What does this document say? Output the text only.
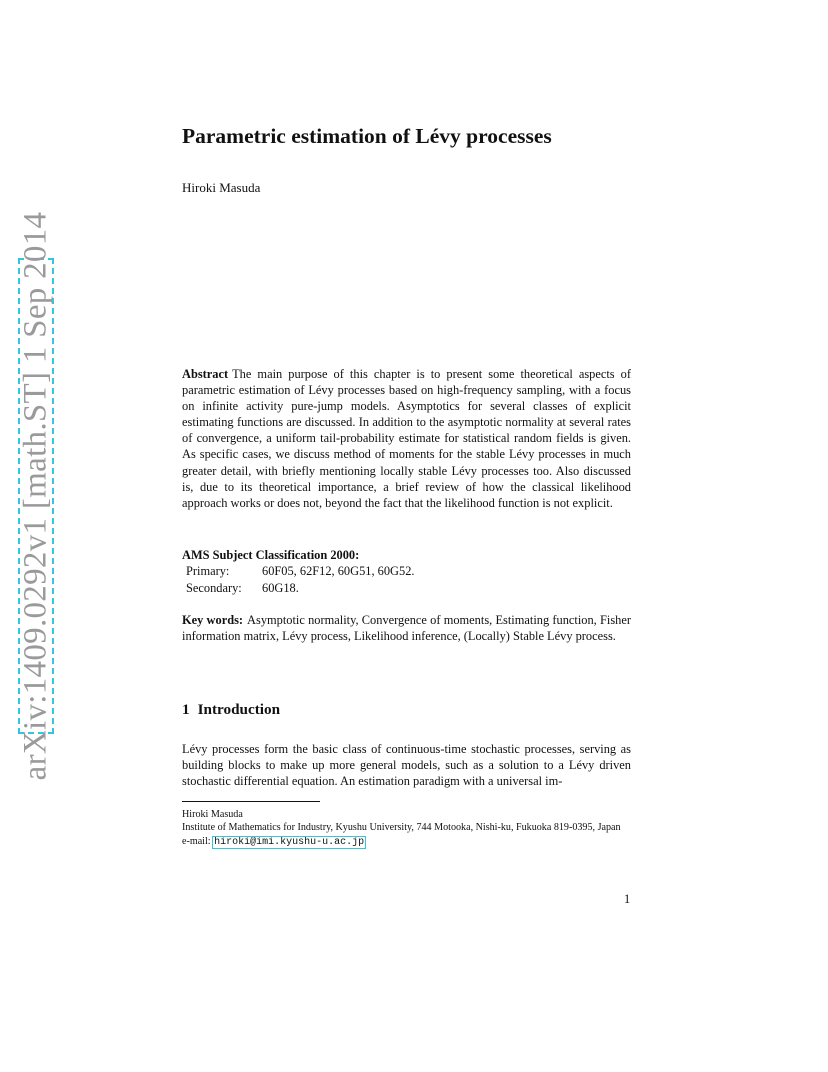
arXiv:1409.0292v1 [math.ST] 1 Sep 2014
Parametric estimation of Lévy processes
Hiroki Masuda

Abstract The main purpose of this chapter is to present some theoretical aspects of parametric estimation of Lévy processes based on high-frequency sampling, with a focus on infinite activity pure-jump models. Asymptotics for several classes of explicit estimating functions are discussed. In addition to the asymptotic normality at several rates of convergence, a uniform tail-probability estimate for statistical random fields is given. As specific cases, we discuss method of moments for the stable Lévy processes in much greater detail, with briefly mentioning locally stable Lévy processes too. Also discussed is, due to its theoretical importance, a brief review of how the classical likelihood approach works or does not, beyond the fact that the likelihood function is not explicit.

AMS Subject Classification 2000:
Primary:	60F05, 62F12, 60G51, 60G52.
Secondary: 60G18.

Key words: Asymptotic normality, Convergence of moments, Estimating function, Fisher information matrix, Lévy process, Likelihood inference, (Locally) Stable Lévy process.

1 Introduction

Lévy processes form the basic class of continuous-time stochastic processes, serving as building blocks to make up more general models, such as a solution to a Lévy driven stochastic differential equation. An estimation paradigm with a universal im-

Hiroki Masuda
Institute of Mathematics for Industry, Kyushu University, 744 Motooka, Nishi-ku, Fukuoka 819-0395, Japan
e-mail: hiroki@imi.kyushu-u.ac.jp
1
